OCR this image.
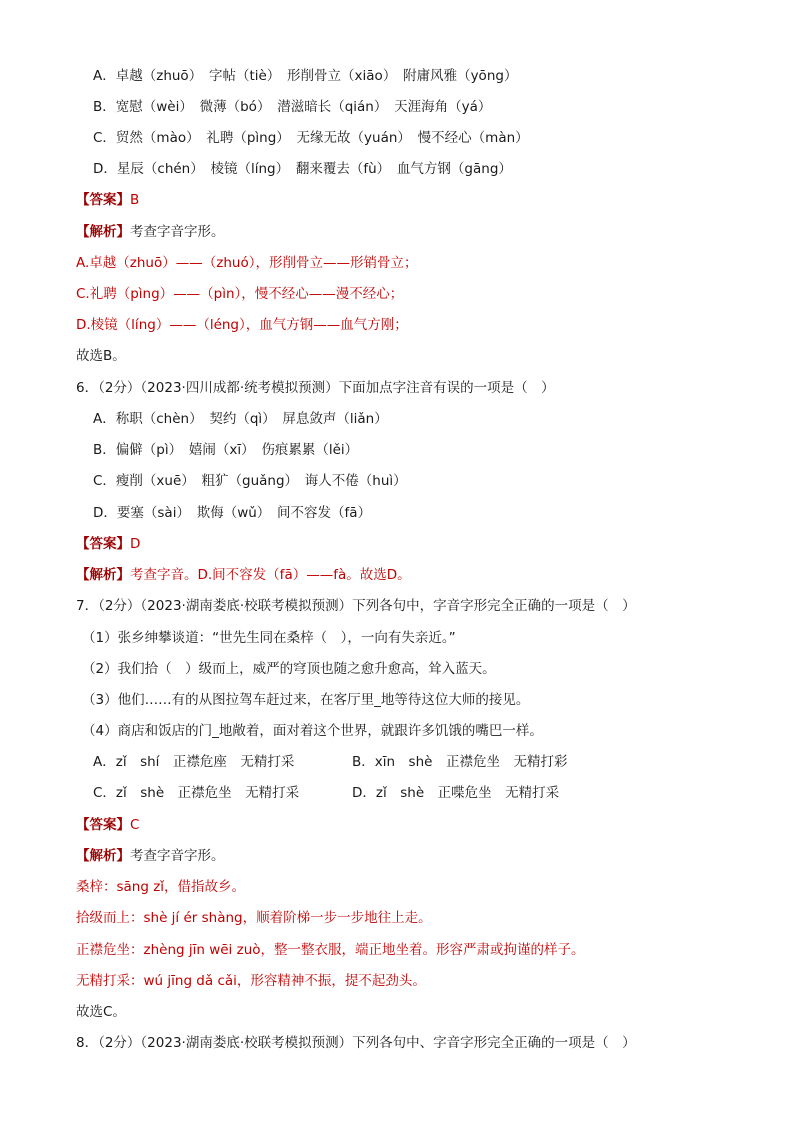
A．卓越（zhuō）　字帖（tiè）　形削骨立（xiāo）　附庸风雅（yōng）
B．宽慰（wèi）　微薄（bó）　潜滋暗长（qián）　天涯海角（yá）
C．贸然（mào）　礼聘（pìng）　无缘无故（yuán）　慢不经心（màn）
D．星辰（chén）　棱镜（líng）　翻来覆去（fù）　血气方钢（gāng）
【答案】B
【解析】考查字音字形。
A.卓越（zhuō）——（zhuó），形削骨立——形销骨立；
C.礼聘（pìng）——（pìn），慢不经心——漫不经心；
D.棱镜（líng）——（léng），血气方钢——血气方刚；
故选B。
6．（2分）（2023·四川成都·统考模拟预测）下面加点字注音有误的一项是（　）
A．称职（chèn）　契约（qì）　屏息敛声（liǎn）
B．偏僻（pì）　嬉闹（xī）　伤痕累累（lěi）
C．瘦削（xuē）　粗犷（guǎng）　诲人不倦（huì）
D．要塞（sài）　欺侮（wǔ）　间不容发（fā）
【答案】D
【解析】考查字音。D.间不容发（fā）——fà。故选D。
7．（2分）（2023·湖南娄底·校联考模拟预测）下列各句中，字音字形完全正确的一项是（　）
（1）张乡绅攀谈道：“世先生同在桑梓（　），一向有失亲近。”
（2）我们拾（　）级而上，威严的穹顶也随之愈升愈高，耸入蓝天。
（3）他们……有的从图拉驾车赶过来，在客厅里_地等待这位大师的接见。
（4）商店和饭店的门_地敞着，面对着这个世界，就跟许多饥饿的嘴巴一样。
A．zǐ　shí　正襟危座　无精打采	B．xīn　shè　正襟危坐　无精打彩
C．zǐ　shè　正襟危坐　无精打采	D．zǐ　shè　正喋危坐　无精打采
【答案】C
【解析】考查字音字形。
桑梓：sāng zǐ，借指故乡。
拾级而上：shè jí ér shàng，顺着阶梯一步一步地往上走。
正襟危坐：zhèng jīn wēi zuò，整一整衣服，端正地坐着。形容严肃或拘谨的样子。
无精打采：wú jīng dǎ cǎi，形容精神不振，提不起劲头。
故选C。
8．（2分）（2023·湖南娄底·校联考模拟预测）下列各句中、字音字形完全正确的一项是（　）
